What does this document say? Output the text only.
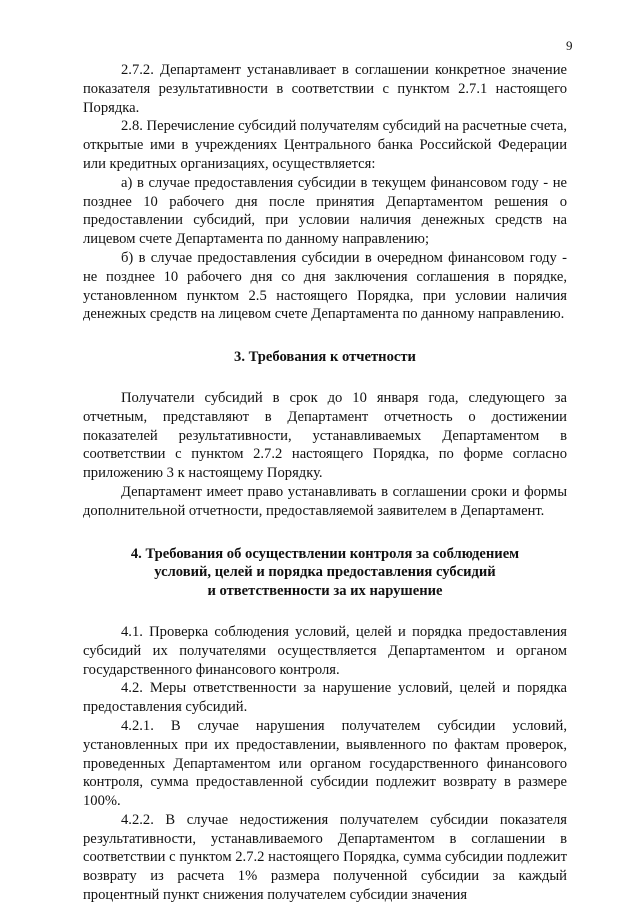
9

2.7.2. Департамент устанавливает в соглашении конкретное значение показателя результативности в соответствии с пунктом 2.7.1 настоящего Порядка.

2.8. Перечисление субсидий получателям субсидий на расчетные счета, открытые ими в учреждениях Центрального банка Российской Федерации или кредитных организациях, осуществляется:

а) в случае предоставления субсидии в текущем финансовом году - не позднее 10 рабочего дня после принятия Департаментом решения о предоставлении субсидий, при условии наличия денежных средств на лицевом счете Департамента по данному направлению;

б) в случае предоставления субсидии в очередном финансовом году - не позднее 10 рабочего дня со дня заключения соглашения в порядке, установленном пунктом 2.5 настоящего Порядка, при условии наличия денежных средств на лицевом счете Департамента по данному направлению.

3. Требования к отчетности

Получатели субсидий в срок до 10 января года, следующего за отчетным, представляют в Департамент отчетность о достижении показателей результативности, устанавливаемых Департаментом в соответствии с пунктом 2.7.2 настоящего Порядка, по форме согласно приложению 3 к настоящему Порядку.

Департамент имеет право устанавливать в соглашении сроки и формы дополнительной отчетности, предоставляемой заявителем в Департамент.

4. Требования об осуществлении контроля за соблюдением
условий, целей и порядка предоставления субсидий
и ответственности за их нарушение

4.1. Проверка соблюдения условий, целей и порядка предоставления субсидий их получателями осуществляется Департаментом и органом государственного финансового контроля.

4.2. Меры ответственности за нарушение условий, целей и порядка предоставления субсидий.

4.2.1. В случае нарушения получателем субсидии условий, установленных при их предоставлении, выявленного по фактам проверок, проведенных Департаментом или органом государственного финансового контроля, сумма предоставленной субсидии подлежит возврату в размере 100%.

4.2.2. В случае недостижения получателем субсидии показателя результативности, устанавливаемого Департаментом в соглашении в соответствии с пунктом 2.7.2 настоящего Порядка, сумма субсидии подлежит возврату из расчета 1% размера полученной субсидии за каждый процентный пункт снижения получателем субсидии значения
